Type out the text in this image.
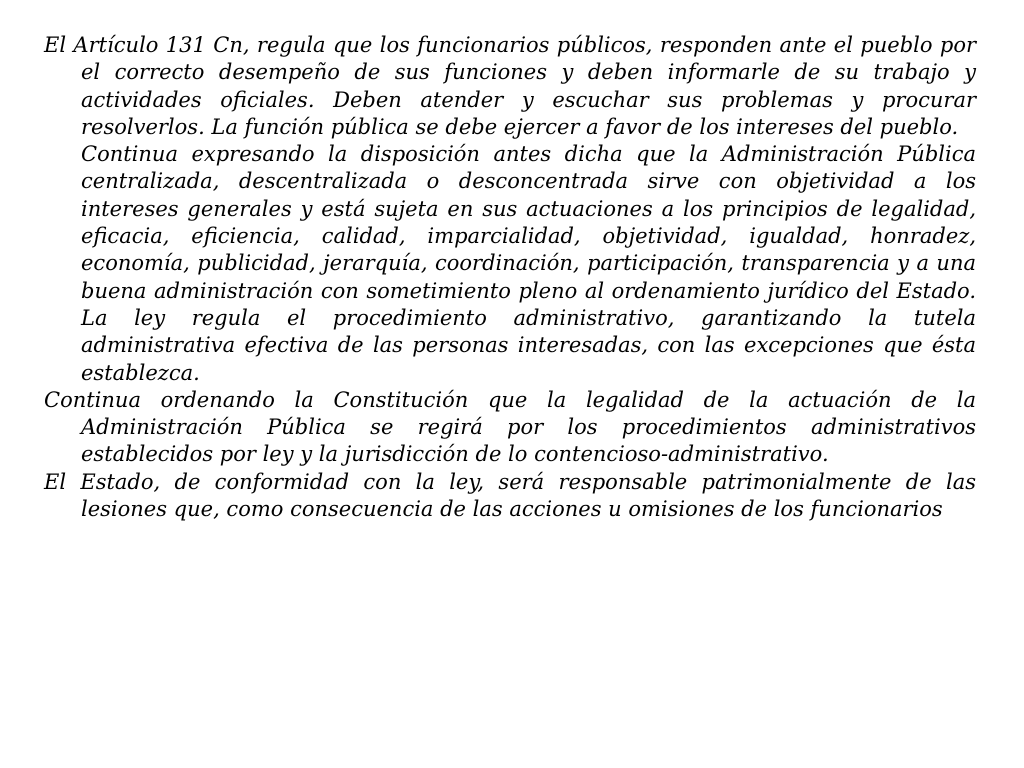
El Artículo 131 Cn, regula que los funcionarios públicos, responden ante el pueblo por el correcto desempeño de sus funciones y deben informarle de su trabajo y actividades oficiales. Deben atender y escuchar sus problemas y procurar resolverlos. La función pública se debe ejercer a favor de los intereses del pueblo.
Continua expresando la disposición antes dicha que la Administración Pública centralizada, descentralizada o desconcentrada sirve con objetividad a los intereses generales y está sujeta en sus actuaciones a los principios de legalidad, eficacia, eficiencia, calidad, imparcialidad, objetividad, igualdad, honradez, economía, publicidad, jerarquía, coordinación, participación, transparencia y a una buena administración con sometimiento pleno al ordenamiento jurídico del Estado. La ley regula el procedimiento administrativo, garantizando la tutela administrativa efectiva de las personas interesadas, con las excepciones que ésta establezca.

Continua ordenando la Constitución que la legalidad de la actuación de la Administración Pública se regirá por los procedimientos administrativos establecidos por ley y la jurisdicción de lo contencioso-administrativo.

El Estado, de conformidad con la ley, será responsable patrimonialmente de las lesiones que, como consecuencia de las acciones u omisiones de los funcionarios
